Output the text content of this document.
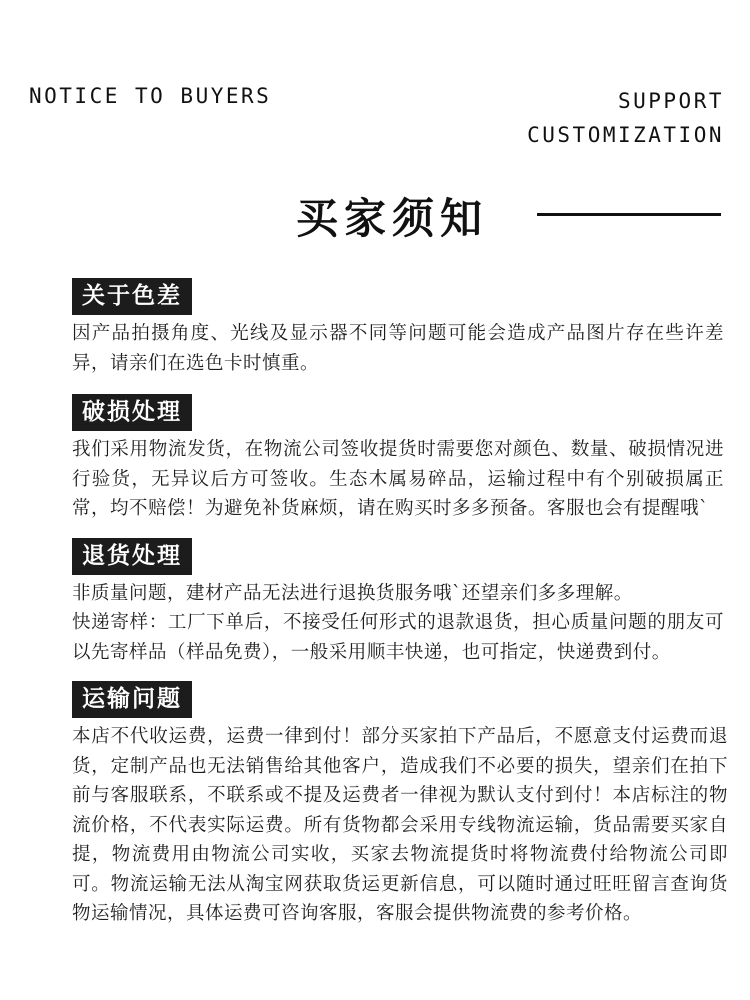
NOTICE TO BUYERS	SUPPORT
CUSTOMIZATION
买家须知
关于色差

因产品拍摄角度、光线及显示器不同等问题可能会造成产品图片存在些许差异，请亲们在选色卡时慎重。

破损处理

我们采用物流发货，在物流公司签收提货时需要您对颜色、数量、破损情况进行验货，无异议后方可签收。生态木属易碎品，运输过程中有个别破损属正常，均不赔偿！为避免补货麻烦，请在购买时多多预备。客服也会有提醒哦`

退货处理

非质量问题，建材产品无法进行退换货服务哦`还望亲们多多理解。

快递寄样：工厂下单后，不接受任何形式的退款退货，担心质量问题的朋友可以先寄样品（样品免费），一般采用顺丰快递，也可指定，快递费到付。

运输问题

本店不代收运费，运费一律到付！部分买家拍下产品后，不愿意支付运费而退货，定制产品也无法销售给其他客户，造成我们不必要的损失，望亲们在拍下前与客服联系，不联系或不提及运费者一律视为默认支付到付！本店标注的物流价格，不代表实际运费。所有货物都会采用专线物流运输，货品需要买家自提，物流费用由物流公司实收，买家去物流提货时将物流费付给物流公司即可。物流运输无法从淘宝网获取货运更新信息，可以随时通过旺旺留言查询货物运输情况，具体运费可咨询客服，客服会提供物流费的参考价格。
